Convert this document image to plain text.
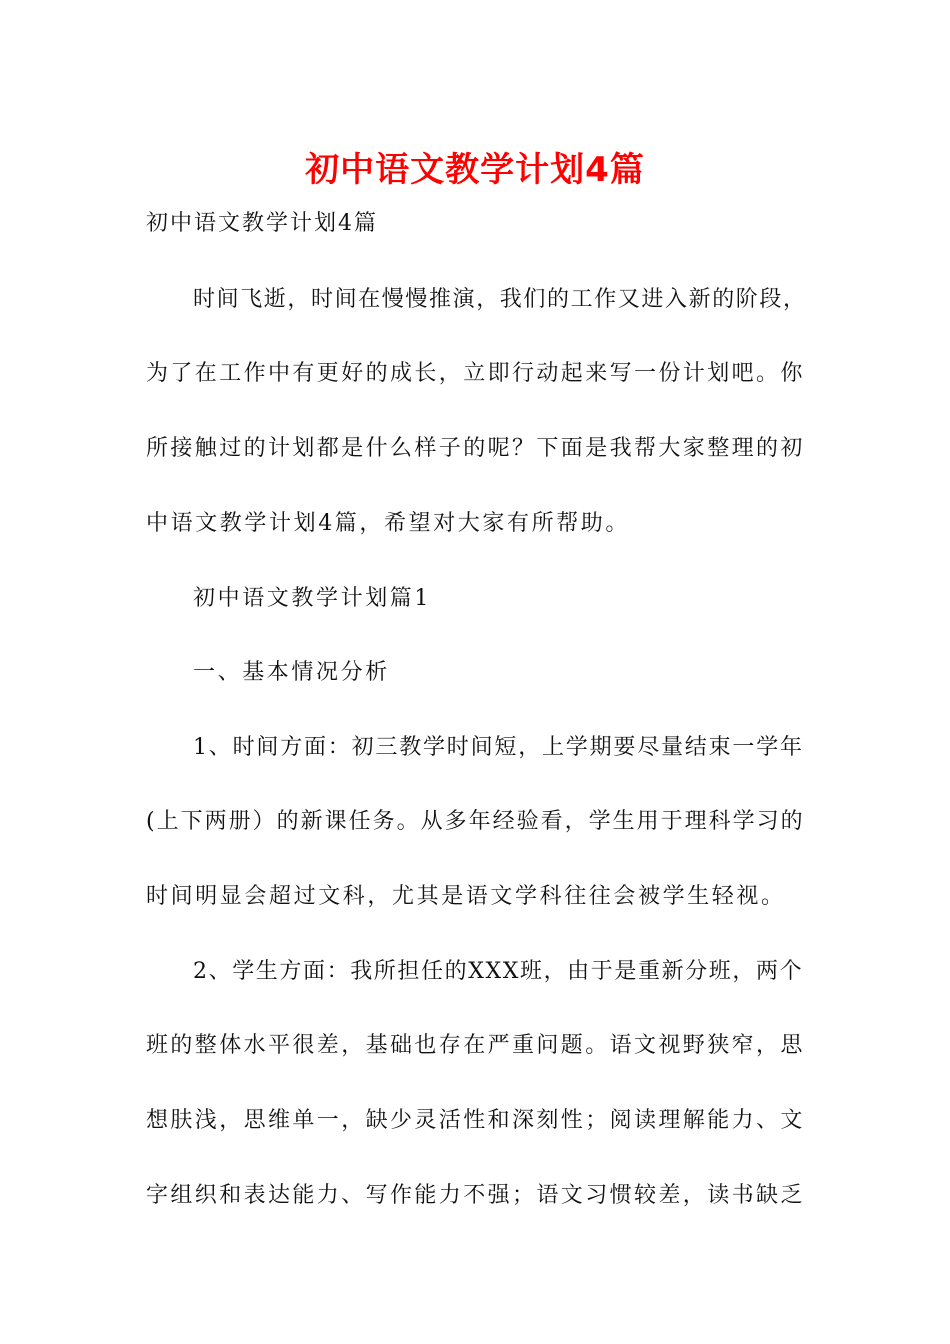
初中语文教学计划4篇
初中语文教学计划4篇
时间飞逝，时间在慢慢推演，我们的工作又进入新的阶段，
为了在工作中有更好的成长，立即行动起来写一份计划吧。你
所接触过的计划都是什么样子的呢？下面是我帮大家整理的初
中语文教学计划4篇，希望对大家有所帮助。
初中语文教学计划篇1
一、基本情况分析
1、时间方面：初三教学时间短，上学期要尽量结束一学年
(上下两册）的新课任务。从多年经验看，学生用于理科学习的
时间明显会超过文科，尤其是语文学科往往会被学生轻视。
2、学生方面：我所担任的XXX班，由于是重新分班，两个
班的整体水平很差，基础也存在严重问题。语文视野狭窄，思
想肤浅，思维单一，缺少灵活性和深刻性；阅读理解能力、文
字组织和表达能力、写作能力不强；语文习惯较差，读书缺乏
